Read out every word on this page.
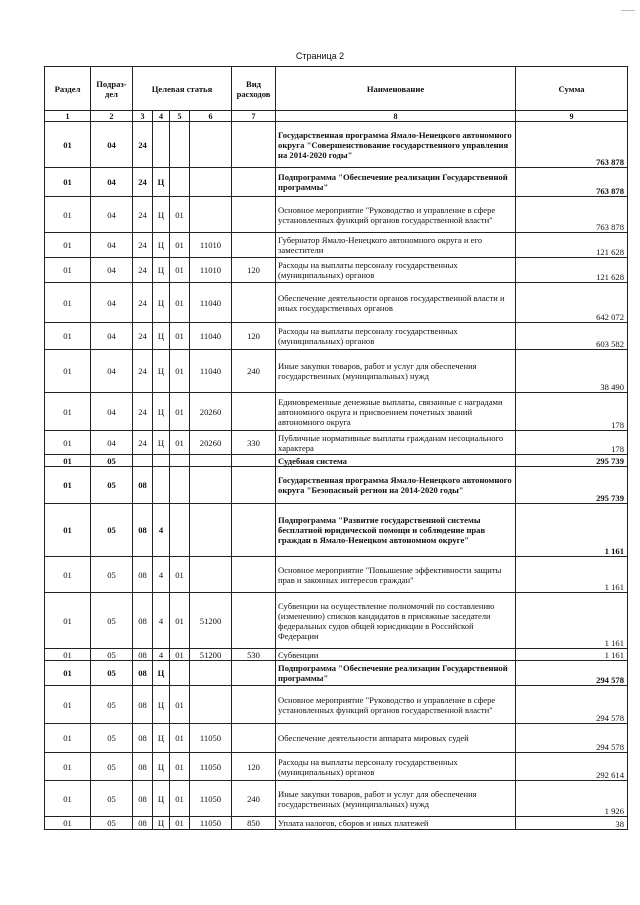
Страница 2
Раздел	Подраз-дел	Целевая статья				Вид расходов	Наименование	Сумма
1	2	3	4	5	6	7	8	9
01	04	24					Государственная программа Ямало-Ненецкого автономного округа "Совершенствование государственного управления на 2014-2020 годы"	763 878
01	04	24	Ц				Подпрограмма "Обеспечение реализации Государственной программы"	763 878
01	04	24	Ц	01			Основное мероприятие "Руководство и управление в сфере установленных функций органов государственной власти"	763 878
01	04	24	Ц	01	11010		Губернатор Ямало-Ненецкого автономного округа и его заместители	121 628
01	04	24	Ц	01	11010	120	Расходы на выплаты персоналу государственных (муниципальных) органов	121 628
01	04	24	Ц	01	11040		Обеспечение деятельности органов государственной власти и иных государственных органов	642 072
01	04	24	Ц	01	11040	120	Расходы на выплаты персоналу государственных (муниципальных) органов	603 582
01	04	24	Ц	01	11040	240	Иные закупки товаров, работ и услуг для обеспечения государственных (муниципальных) нужд	38 490
01	04	24	Ц	01	20260		Единовременные денежные выплаты, связанные с наградами автономного округа и присвоением почетных званий автономного округа	178
01	04	24	Ц	01	20260	330	Публичные нормативные выплаты гражданам несоциального характера	178
01	05						Судебная система	295 739
01	05	08					Государственная программа Ямало-Ненецкого автономного округа "Безопасный регион на 2014-2020 годы"	295 739
01	05	08	4				Подпрограмма "Развитие государственной системы бесплатной юридической помощи и соблюдение прав граждан в Ямало-Ненецком автономном округе"	1 161
01	05	08	4	01			Основное мероприятие "Повышение эффективности защиты прав и законных интересов граждан"	1 161
01	05	08	4	01	51200		Субвенции на осуществление полномочий по составлению (изменению) списков кандидатов в присяжные заседатели федеральных судов общей юрисдикции в Российской Федерации	1 161
01	05	08	4	01	51200	530	Субвенции	1 161
01	05	08	Ц				Подпрограмма "Обеспечение реализации Государственной программы"	294 578
01	05	08	Ц	01			Основное мероприятие "Руководство и управление в сфере установленных функций органов государственной власти"	294 578
01	05	08	Ц	01	11050		Обеспечение деятельности аппарата мировых судей	294 578
01	05	08	Ц	01	11050	120	Расходы на выплаты персоналу государственных (муниципальных) органов	292 614
01	05	08	Ц	01	11050	240	Иные закупки товаров, работ и услуг для обеспечения государственных (муниципальных) нужд	1 926
01	05	08	Ц	01	11050	850	Уплата налогов, сборов и иных платежей	38
